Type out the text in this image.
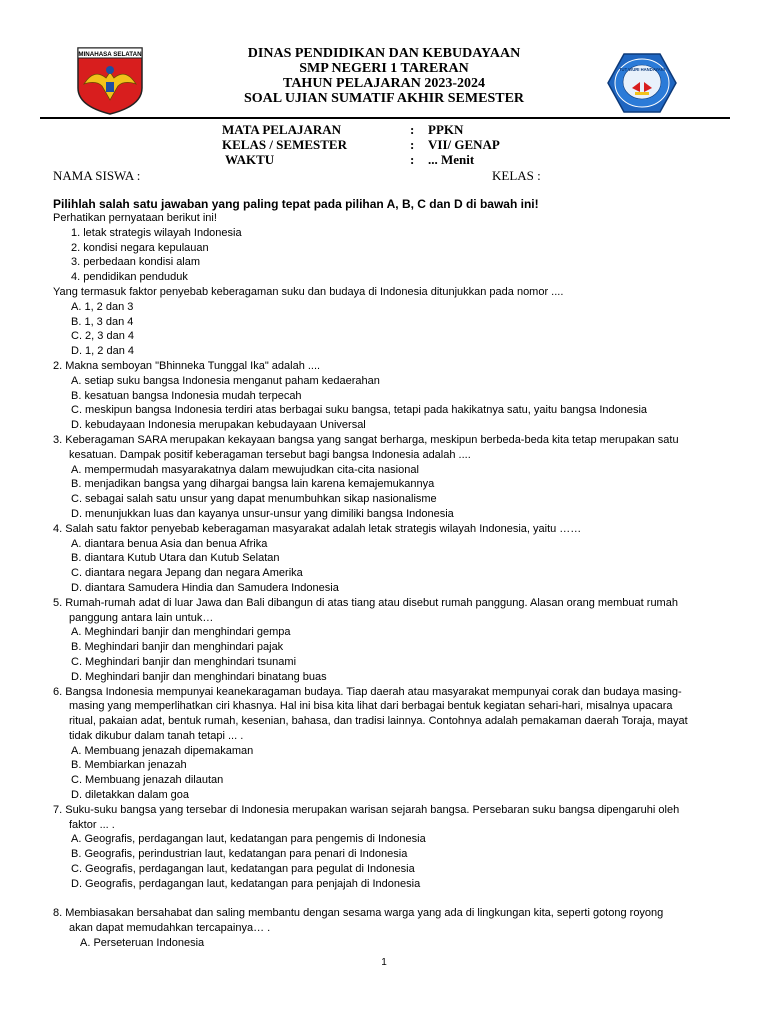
MINAHASA SELATAN	DINAS PENDIDIKAN DAN KEBUDAYAAN
SMP NEGERI 1 TARERAN
TAHUN PELAJARAN 2023-2024
SOAL UJIAN SUMATIF AKHIR SEMESTER
TUT WURI HANDAYANI
MATA PELAJARAN	: PPKN
KELAS / SEMESTER	: VII/ GENAP
WAKTU	: ... Menit
NAMA SISWA :	KELAS :
Pilihlah salah satu jawaban yang paling tepat pada pilihan A, B, C dan D di bawah ini!
Perhatikan pernyataan berikut ini!
1. letak strategis wilayah Indonesia
2. kondisi negara kepulauan
3. perbedaan kondisi alam
4. pendidikan penduduk
Yang termasuk faktor penyebab keberagaman suku dan budaya di Indonesia ditunjukkan pada nomor ....
A. 1, 2 dan 3
B. 1, 3 dan 4
C. 2, 3 dan 4
D. 1, 2 dan 4
2. Makna semboyan "Bhinneka Tunggal Ika" adalah ....
A. setiap suku bangsa Indonesia menganut paham kedaerahan
B. kesatuan bangsa Indonesia mudah terpecah
C. meskipun bangsa Indonesia terdiri atas berbagai suku bangsa, tetapi pada hakikatnya satu, yaitu bangsa Indonesia
D. kebudayaan Indonesia merupakan kebudayaan Universal
3. Keberagaman SARA merupakan kekayaan bangsa yang sangat berharga, meskipun berbeda-beda kita tetap merupakan satu
kesatuan. Dampak positif keberagaman tersebut bagi bangsa Indonesia adalah ....
A. mempermudah masyarakatnya dalam mewujudkan cita-cita nasional
B. menjadikan bangsa yang dihargai bangsa lain karena kemajemukannya
C. sebagai salah satu unsur yang dapat menumbuhkan sikap nasionalisme
D. menunjukkan luas dan kayanya unsur-unsur yang dimiliki bangsa Indonesia
4. Salah satu faktor penyebab keberagaman masyarakat adalah letak strategis wilayah Indonesia, yaitu ……
A. diantara benua Asia dan benua Afrika
B. diantara Kutub Utara dan Kutub Selatan
C. diantara negara Jepang dan negara Amerika
D. diantara Samudera Hindia dan Samudera Indonesia
5. Rumah-rumah adat di luar Jawa dan Bali dibangun di atas tiang atau disebut rumah panggung. Alasan orang membuat rumah
panggung antara lain untuk…
A. Meghindari banjir dan menghindari gempa
B. Meghindari banjir dan menghindari pajak
C. Meghindari banjir dan menghindari tsunami
D. Meghindari banjir dan menghindari binatang buas
6. Bangsa Indonesia mempunyai keanekaragaman budaya. Tiap daerah atau masyarakat mempunyai corak dan budaya masing-
masing yang memperlihatkan ciri khasnya. Hal ini bisa kita lihat dari berbagai bentuk kegiatan sehari-hari, misalnya upacara
ritual, pakaian adat, bentuk rumah, kesenian, bahasa, dan tradisi lainnya. Contohnya adalah pemakaman daerah Toraja, mayat
tidak dikubur dalam tanah tetapi ... .
A. Membuang jenazah dipemakaman
B. Membiarkan jenazah
C. Membuang jenazah dilautan
D. diletakkan dalam goa
7. Suku-suku bangsa yang tersebar di Indonesia merupakan warisan sejarah bangsa. Persebaran suku bangsa dipengaruhi oleh
faktor ... .
A. Geografis, perdagangan laut, kedatangan para pengemis di Indonesia
B. Geografis, perindustrian laut, kedatangan para penari di Indonesia
C. Geografis, perdagangan laut, kedatangan para pegulat di Indonesia
D. Geografis, perdagangan laut, kedatangan para penjajah di Indonesia
8. Membiasakan bersahabat dan saling membantu dengan sesama warga yang ada di lingkungan kita, seperti gotong royong
akan dapat memudahkan tercapainya… .
A. Perseteruan Indonesia
1
